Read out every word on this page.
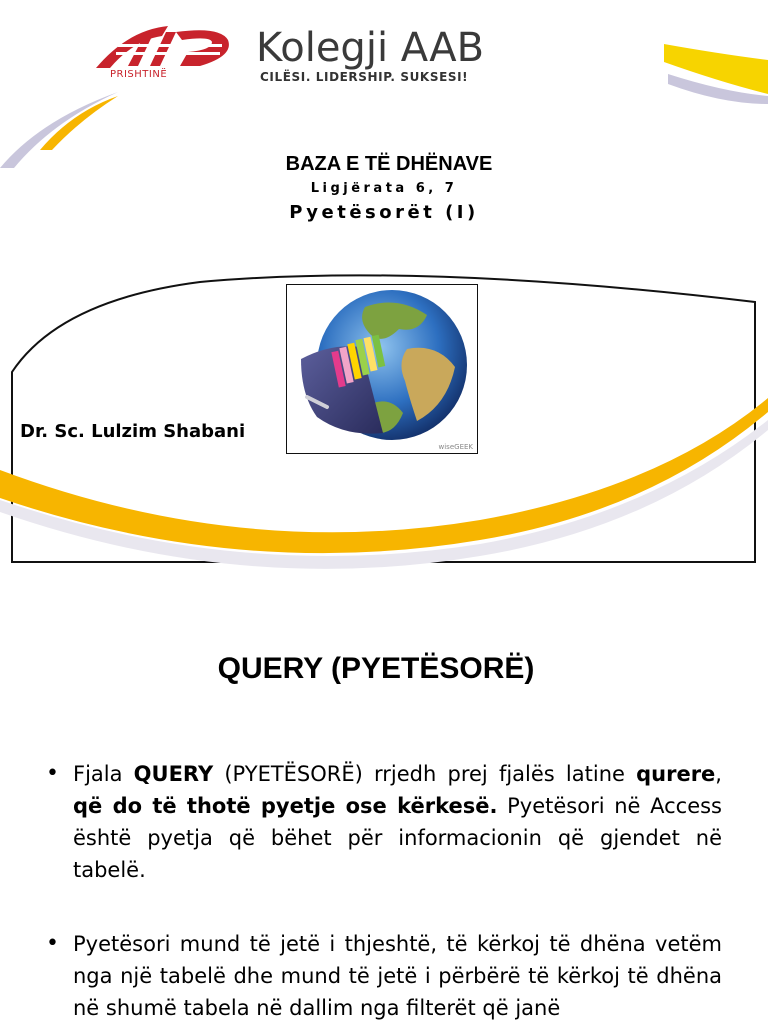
PRISHTINË
Kolegji AAB
CILËSI. LIDERSHIP. SUKSESI!
BAZA E TË DHËNAVE
Ligjërata 6, 7
Pyetësorët (I)
Dr. Sc. Lulzim Shabani
wiseGEEK
QUERY (PYETËSORË)
• Fjala QUERY (PYETËSORË) rrjedh prej fjalës latine qurere, që do të thotë pyetje ose kërkesë. Pyetësori në Access është pyetja që bëhet për informacionin që gjendet në tabelë.
• Pyetësori mund të jetë i thjeshtë, të kërkoj të dhëna vetëm nga një tabelë dhe mund të jetë i përbërë të kërkoj të dhëna në shumë tabela në dallim nga filterët që janë
